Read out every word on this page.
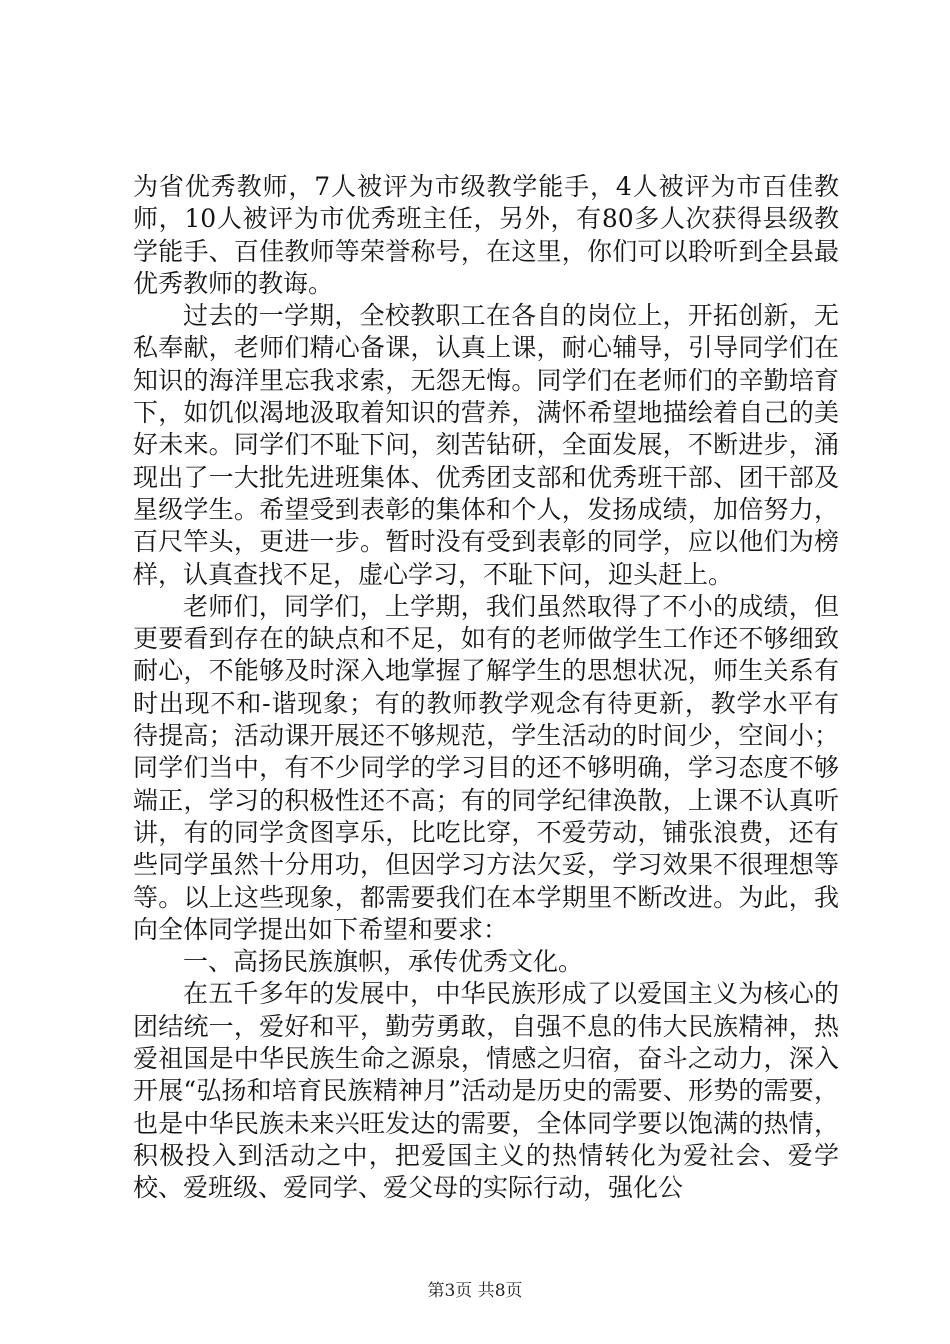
为省优秀教师，7人被评为市级教学能手，4人被评为市百佳教师，10人被评为市优秀班主任，另外，有80多人次获得县级教学能手、百佳教师等荣誉称号，在这里，你们可以聆听到全县最优秀教师的教诲。

过去的一学期，全校教职工在各自的岗位上，开拓创新，无私奉献，老师们精心备课，认真上课，耐心辅导，引导同学们在知识的海洋里忘我求索，无怨无悔。同学们在老师们的辛勤培育下，如饥似渴地汲取着知识的营养，满怀希望地描绘着自己的美好未来。同学们不耻下问，刻苦钻研，全面发展，不断进步，涌现出了一大批先进班集体、优秀团支部和优秀班干部、团干部及星级学生。希望受到表彰的集体和个人，发扬成绩，加倍努力，百尺竿头，更进一步。暂时没有受到表彰的同学，应以他们为榜样，认真查找不足，虚心学习，不耻下问，迎头赶上。

老师们，同学们，上学期，我们虽然取得了不小的成绩，但更要看到存在的缺点和不足，如有的老师做学生工作还不够细致耐心，不能够及时深入地掌握了解学生的思想状况，师生关系有时出现不和-谐现象；有的教师教学观念有待更新，教学水平有待提高；活动课开展还不够规范，学生活动的时间少，空间小；同学们当中，有不少同学的学习目的还不够明确，学习态度不够端正，学习的积极性还不高；有的同学纪律涣散，上课不认真听讲，有的同学贪图享乐，比吃比穿，不爱劳动，铺张浪费，还有些同学虽然十分用功，但因学习方法欠妥，学习效果不很理想等等。以上这些现象，都需要我们在本学期里不断改进。为此，我向全体同学提出如下希望和要求：

一、高扬民族旗帜，承传优秀文化。

在五千多年的发展中，中华民族形成了以爱国主义为核心的团结统一，爱好和平，勤劳勇敢，自强不息的伟大民族精神，热爱祖国是中华民族生命之源泉，情感之归宿，奋斗之动力，深入开展“弘扬和培育民族精神月”活动是历史的需要、形势的需要，也是中华民族未来兴旺发达的需要，全体同学要以饱满的热情，积极投入到活动之中，把爱国主义的热情转化为爱社会、爱学校、爱班级、爱同学、爱父母的实际行动，强化公

第3页 共8页
